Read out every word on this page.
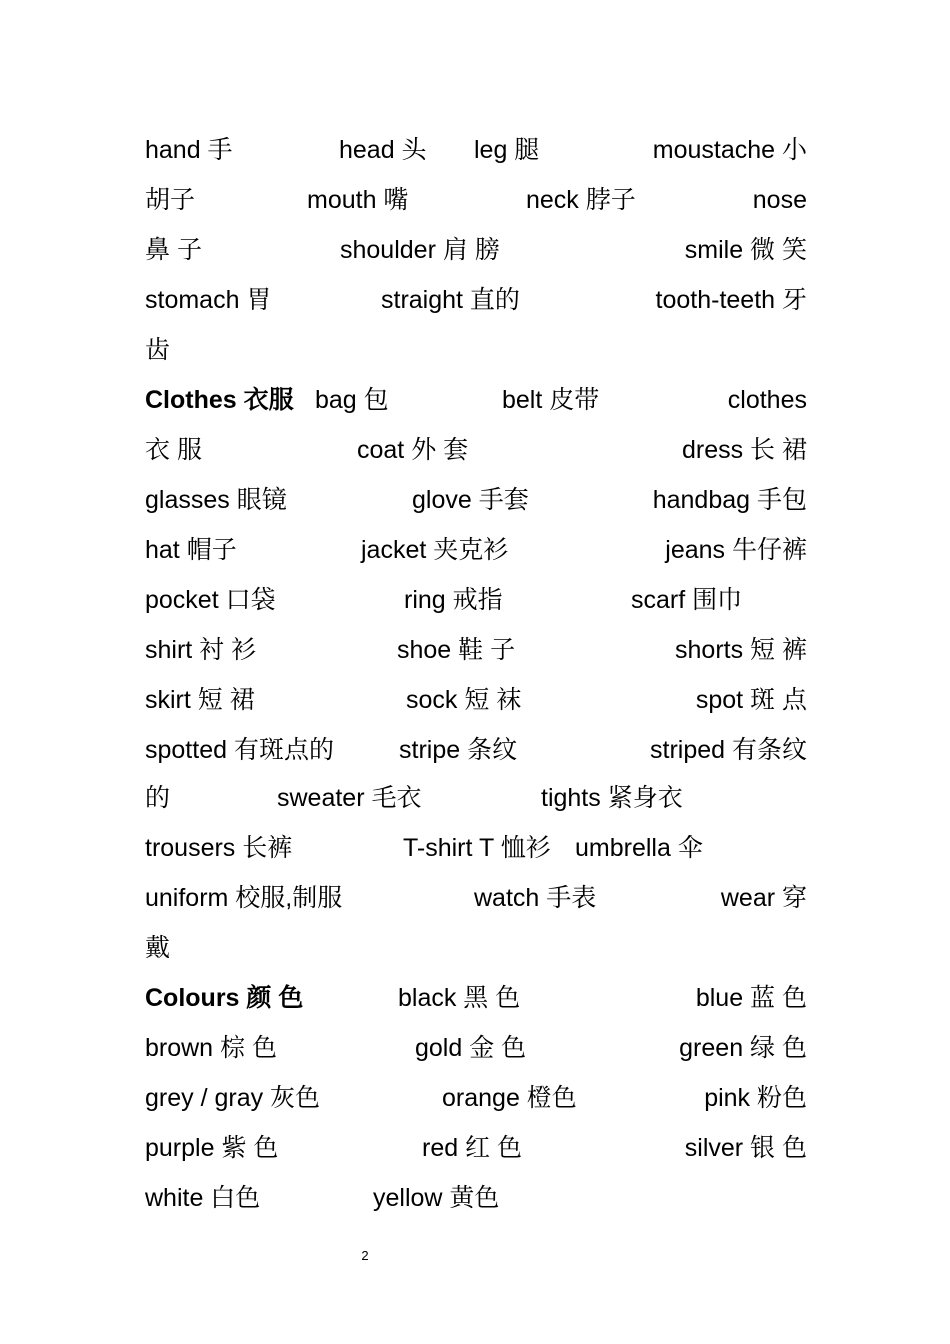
hand 手	head 头 leg 腿	moustache 小
胡子	mouth 嘴	neck 脖子	nose
鼻 子	shoulder 肩 膀	smile 微 笑
stomach 胃	straight 直的	tooth-teeth 牙
齿
Clothes 衣服 bag 包	belt 皮带	clothes
衣 服	coat 外 套	dress 长 裙
glasses 眼镜	glove 手套	handbag 手包
hat 帽子	jacket 夹克衫	jeans 牛仔裤
pocket 口袋	ring 戒指	scarf 围巾
shirt 衬 衫	shoe 鞋 子	shorts 短 裤
skirt 短 裙	sock 短 袜	spot 斑 点
spotted 有斑点的	stripe 条纹	striped 有条纹
的	sweater 毛衣	tights 紧身衣
trousers 长裤	T-shirt T 恤衫 umbrella 伞
uniform 校服,制服	watch 手表	wear 穿
戴
Colours 颜 色	black 黑 色	blue 蓝 色
brown 棕 色	gold 金 色	green 绿 色
grey / gray 灰色	orange 橙色	pink 粉色
purple 紫 色	red 红 色	silver 银 色
white 白色	yellow 黄色
2
